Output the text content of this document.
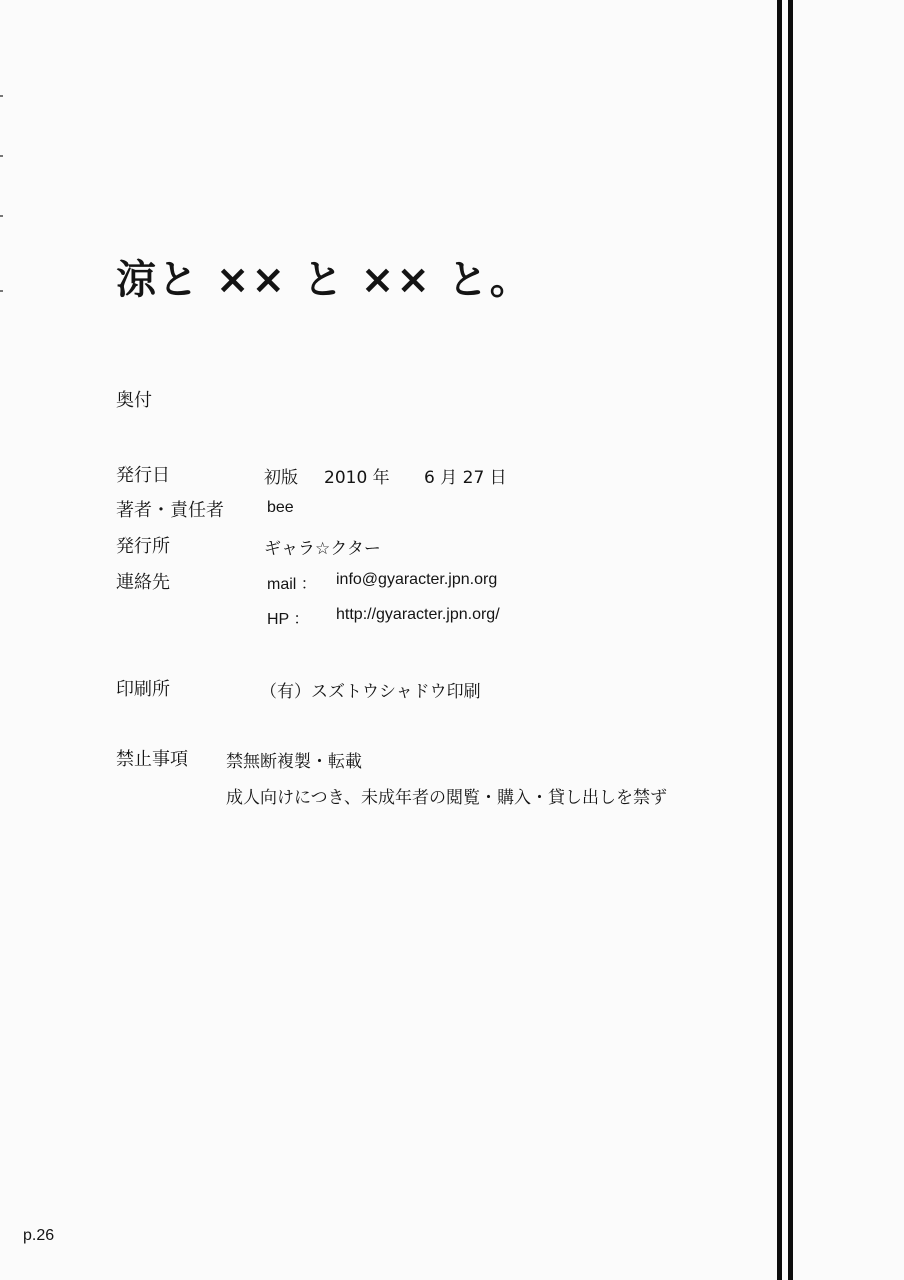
涼と ×× と ×× と。
奥付
発行日	初版 2010 年 6 月 27 日
著者・責任者	bee
発行所	ギャラ☆クター
連絡先	mail ： info@gyaracter.jpn.org
HP ： http://gyaracter.jpn.org/
印刷所	（有）スズトウシャドウ印刷
禁止事項 禁無断複製・転載
成人向けにつき、未成年者の閲覧・購入・貸し出しを禁ず
p.26
